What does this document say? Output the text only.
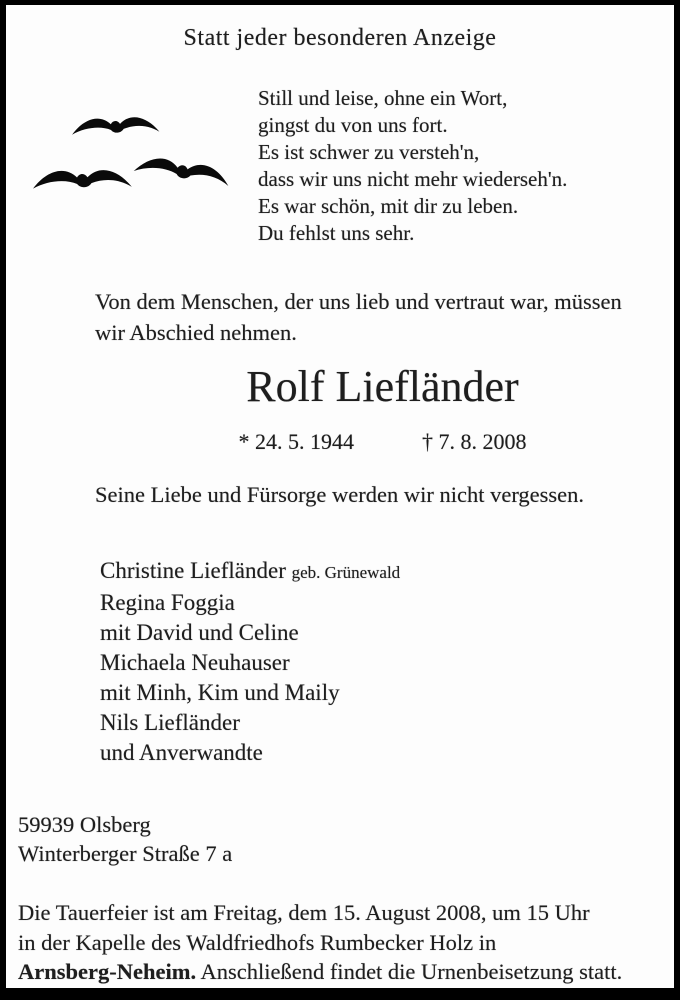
Statt jeder besonderen Anzeige
Still und leise, ohne ein Wort,
gingst du von uns fort.
Es ist schwer zu versteh'n,
dass wir uns nicht mehr wiederseh'n.
Es war schön, mit dir zu leben.
Du fehlst uns sehr.
Von dem Menschen, der uns lieb und vertraut war, müssen
wir Abschied nehmen.
Rolf Liefländer
* 24. 5. 1944	† 7. 8. 2008
Seine Liebe und Fürsorge werden wir nicht vergessen.
Christine Liefländer geb. Grünewald
Regina Foggia
mit David und Celine
Michaela Neuhauser
mit Minh, Kim und Maily
Nils Liefländer
und Anverwandte
59939 Olsberg
Winterberger Straße 7 a
Die Tauerfeier ist am Freitag, dem 15. August 2008, um 15 Uhr
in der Kapelle des Waldfriedhofs Rumbecker Holz in
Arnsberg-Neheim. Anschließend findet die Urnenbeisetzung statt.
